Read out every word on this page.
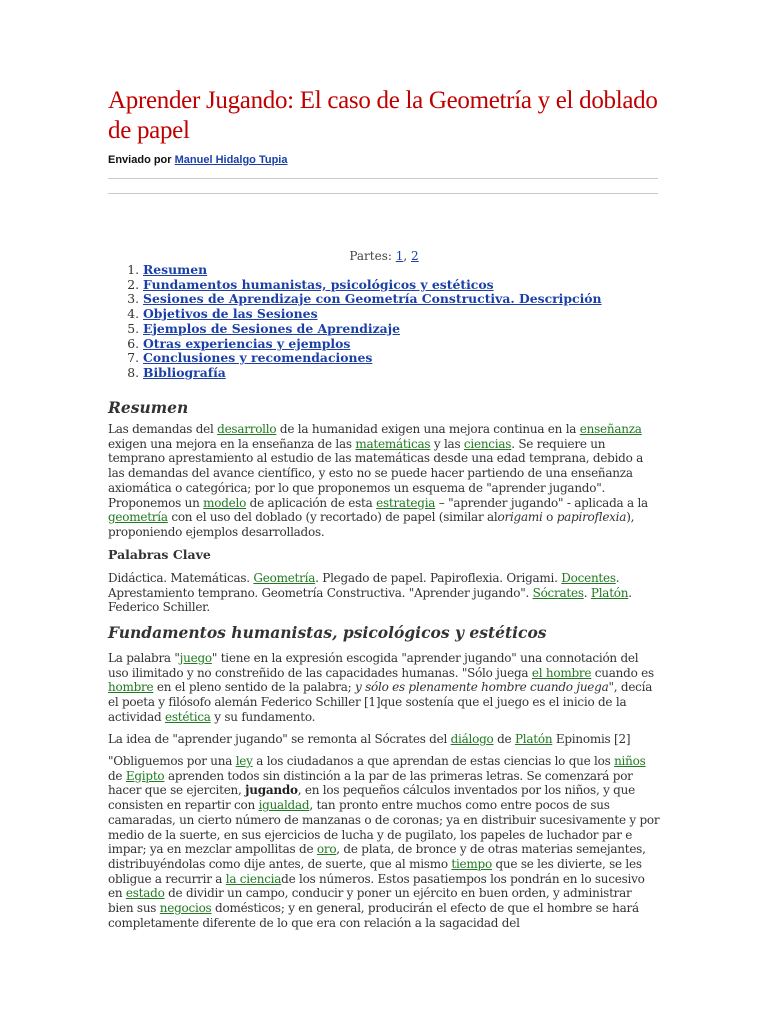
Aprender Jugando: El caso de la Geometría y el doblado de papel
Enviado por Manuel Hidalgo Tupia
Partes: 1, 2
1. Resumen
2. Fundamentos humanistas, psicológicos y estéticos
3. Sesiones de Aprendizaje con Geometría Constructiva. Descripción
4. Objetivos de las Sesiones
5. Ejemplos de Sesiones de Aprendizaje
6. Otras experiencias y ejemplos
7. Conclusiones y recomendaciones
8. Bibliografía
Resumen

Las demandas del desarrollo de la humanidad exigen una mejora continua en la enseñanza exigen una mejora en la enseñanza de las matemáticas y las ciencias. Se requiere un temprano aprestamiento al estudio de las matemáticas desde una edad temprana, debido a las demandas del avance científico, y esto no se puede hacer partiendo de una enseñanza axiomática o categórica; por lo que proponemos un esquema de "aprender jugando". Proponemos un modelo de aplicación de esta estrategia – "aprender jugando" - aplicada a la geometría con el uso del doblado (y recortado) de papel (similar alorigami o papiroflexia), proponiendo ejemplos desarrollados.

Palabras Clave

Didáctica. Matemáticas. Geometría. Plegado de papel. Papiroflexia. Origami. Docentes. Aprestamiento temprano. Geometría Constructiva. "Aprender jugando". Sócrates. Platón. Federico Schiller.

Fundamentos humanistas, psicológicos y estéticos

La palabra "juego" tiene en la expresión escogida "aprender jugando" una connotación del uso ilimitado y no constreñido de las capacidades humanas. "Sólo juega el hombre cuando es hombre en el pleno sentido de la palabra; y sólo es plenamente hombre cuando juega", decía el poeta y filósofo alemán Federico Schiller [1]que sostenía que el juego es el inicio de la actividad estética y su fundamento.

La idea de "aprender jugando" se remonta al Sócrates del diálogo de Platón Epinomis [2]

"Obliguemos por una ley a los ciudadanos a que aprendan de estas ciencias lo que los niños de Egipto aprenden todos sin distinción a la par de las primeras letras. Se comenzará por hacer que se ejerciten, jugando, en los pequeños cálculos inventados por los niños, y que consisten en repartir con igualdad, tan pronto entre muchos como entre pocos de sus camaradas, un cierto número de manzanas o de coronas; ya en distribuir sucesivamente y por medio de la suerte, en sus ejercicios de lucha y de pugilato, los papeles de luchador par e impar; ya en mezclar ampollitas de oro, de plata, de bronce y de otras materias semejantes, distribuyéndolas como dije antes, de suerte, que al mismo tiempo que se les divierte, se les obligue a recurrir a la cienciade los números. Estos pasatiempos los pondrán en lo sucesivo en estado de dividir un campo, conducir y poner un ejército en buen orden, y administrar bien sus negocios domésticos; y en general, producirán el efecto de que el hombre se hará completamente diferente de lo que era con relación a la sagacidad del
